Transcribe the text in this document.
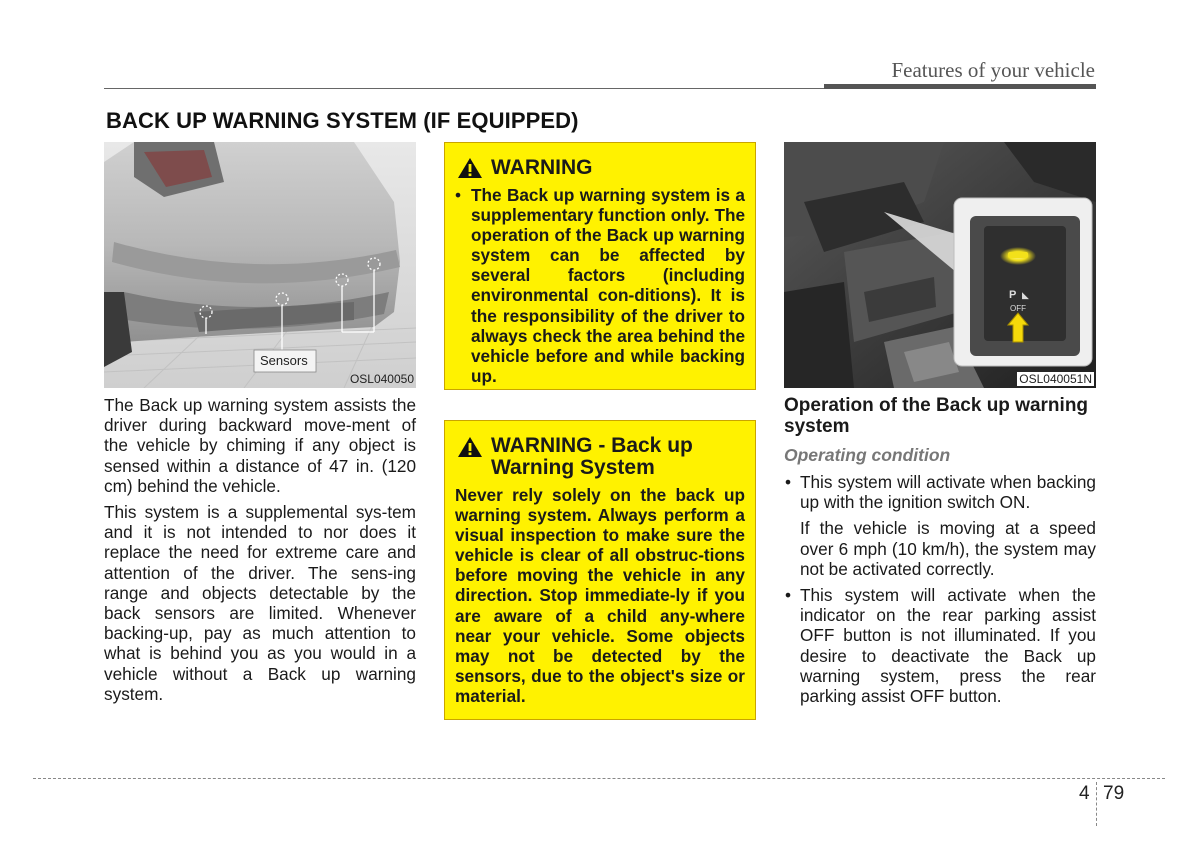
Features of your vehicle
BACK UP WARNING SYSTEM (IF EQUIPPED)
Sensors
OSL040050

The Back up warning system assists the driver during backward move-ment of the vehicle by chiming if any object is sensed within a distance of 47 in. (120 cm) behind the vehicle.

This system is a supplemental sys-tem and it is not intended to nor does it replace the need for extreme care and attention of the driver. The sens-ing range and objects detectable by the back sensors are limited. Whenever backing-up, pay as much attention to what is behind you as you would in a vehicle without a Back up warning system.

WARNING
• The Back up warning system is a supplementary function only. The operation of the Back up warning system can be affected by several factors (including environmental con-ditions). It is the responsibility of the driver to always check the area behind the vehicle before and while backing up.
WARNING - Back up
Warning System
Never rely solely on the back up warning system. Always perform a visual inspection to make sure the vehicle is clear of all obstruc-tions before moving the vehicle in any direction. Stop immediate-ly if you are aware of a child any-where near your vehicle. Some objects may not be detected by the sensors, due to the object's size or material.
P ◣
OFF
OSL040051N
Operation of the Back up warning system
Operating condition
• This system will activate when backing up with the ignition switch ON.
If the vehicle is moving at a speed over 6 mph (10 km/h), the system may not be activated correctly.
• This system will activate when the indicator on the rear parking assist OFF button is not illuminated. If you desire to deactivate the Back up warning system, press the rear parking assist OFF button.
4 79
